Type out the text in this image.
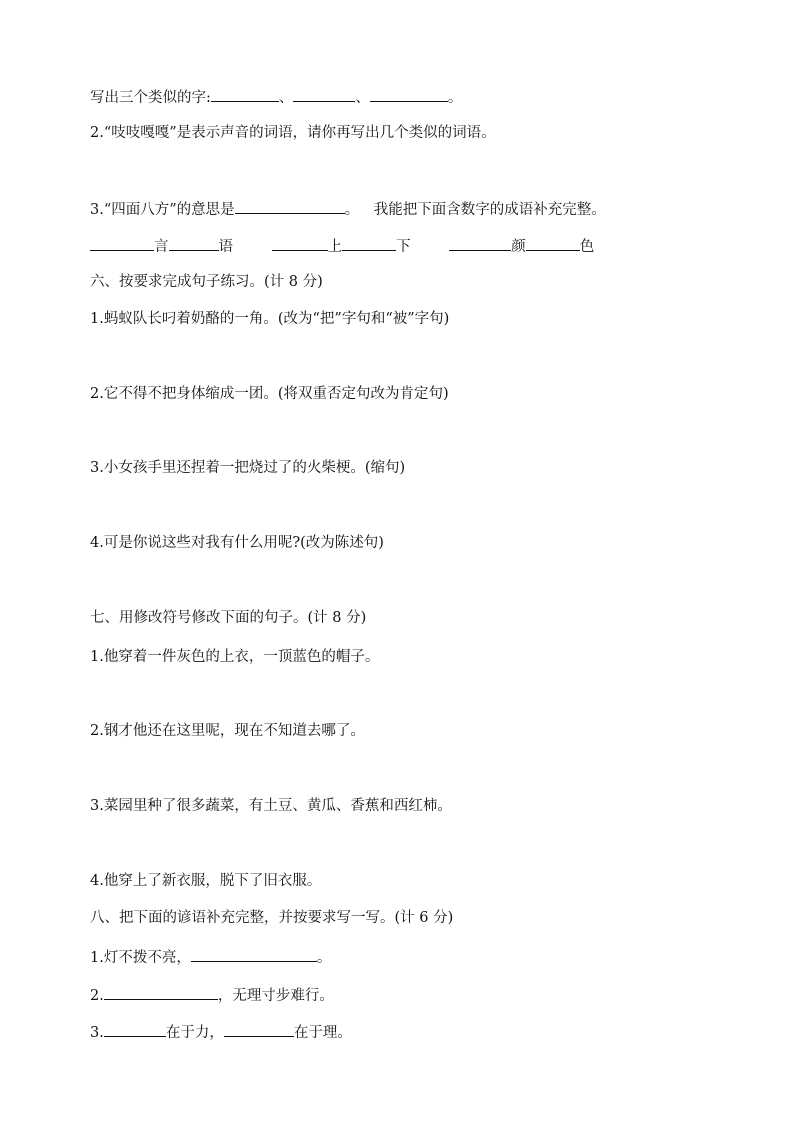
写出三个类似的字:	、	、	。
2.“吱吱嘎嘎”是表示声音的词语，请你再写出几个类似的词语。
3.“四面八方”的意思是	。 我能把下面含数字的成语补充完整。
言	语	上	下	颜	色
六、按要求完成句子练习。(计 8 分)
1.蚂蚁队长叼着奶酪的一角。(改为“把”字句和“被”字句)
2.它不得不把身体缩成一团。(将双重否定句改为肯定句)
3.小女孩手里还捏着一把烧过了的火柴梗。(缩句)
4.可是你说这些对我有什么用呢?(改为陈述句)
七、用修改符号修改下面的句子。(计 8 分)
1.他穿着一件灰色的上衣，一顶蓝色的帽子。
2.钢才他还在这里呢，现在不知道去哪了。
3.菜园里种了很多蔬菜，有土豆、黄瓜、香蕉和西红柿。
4.他穿上了新衣服，脱下了旧衣服。
八、把下面的谚语补充完整，并按要求写一写。(计 6 分)
1.灯不拨不亮，	。
2.	，无理寸步难行。
3.	在于力，	在于理。
